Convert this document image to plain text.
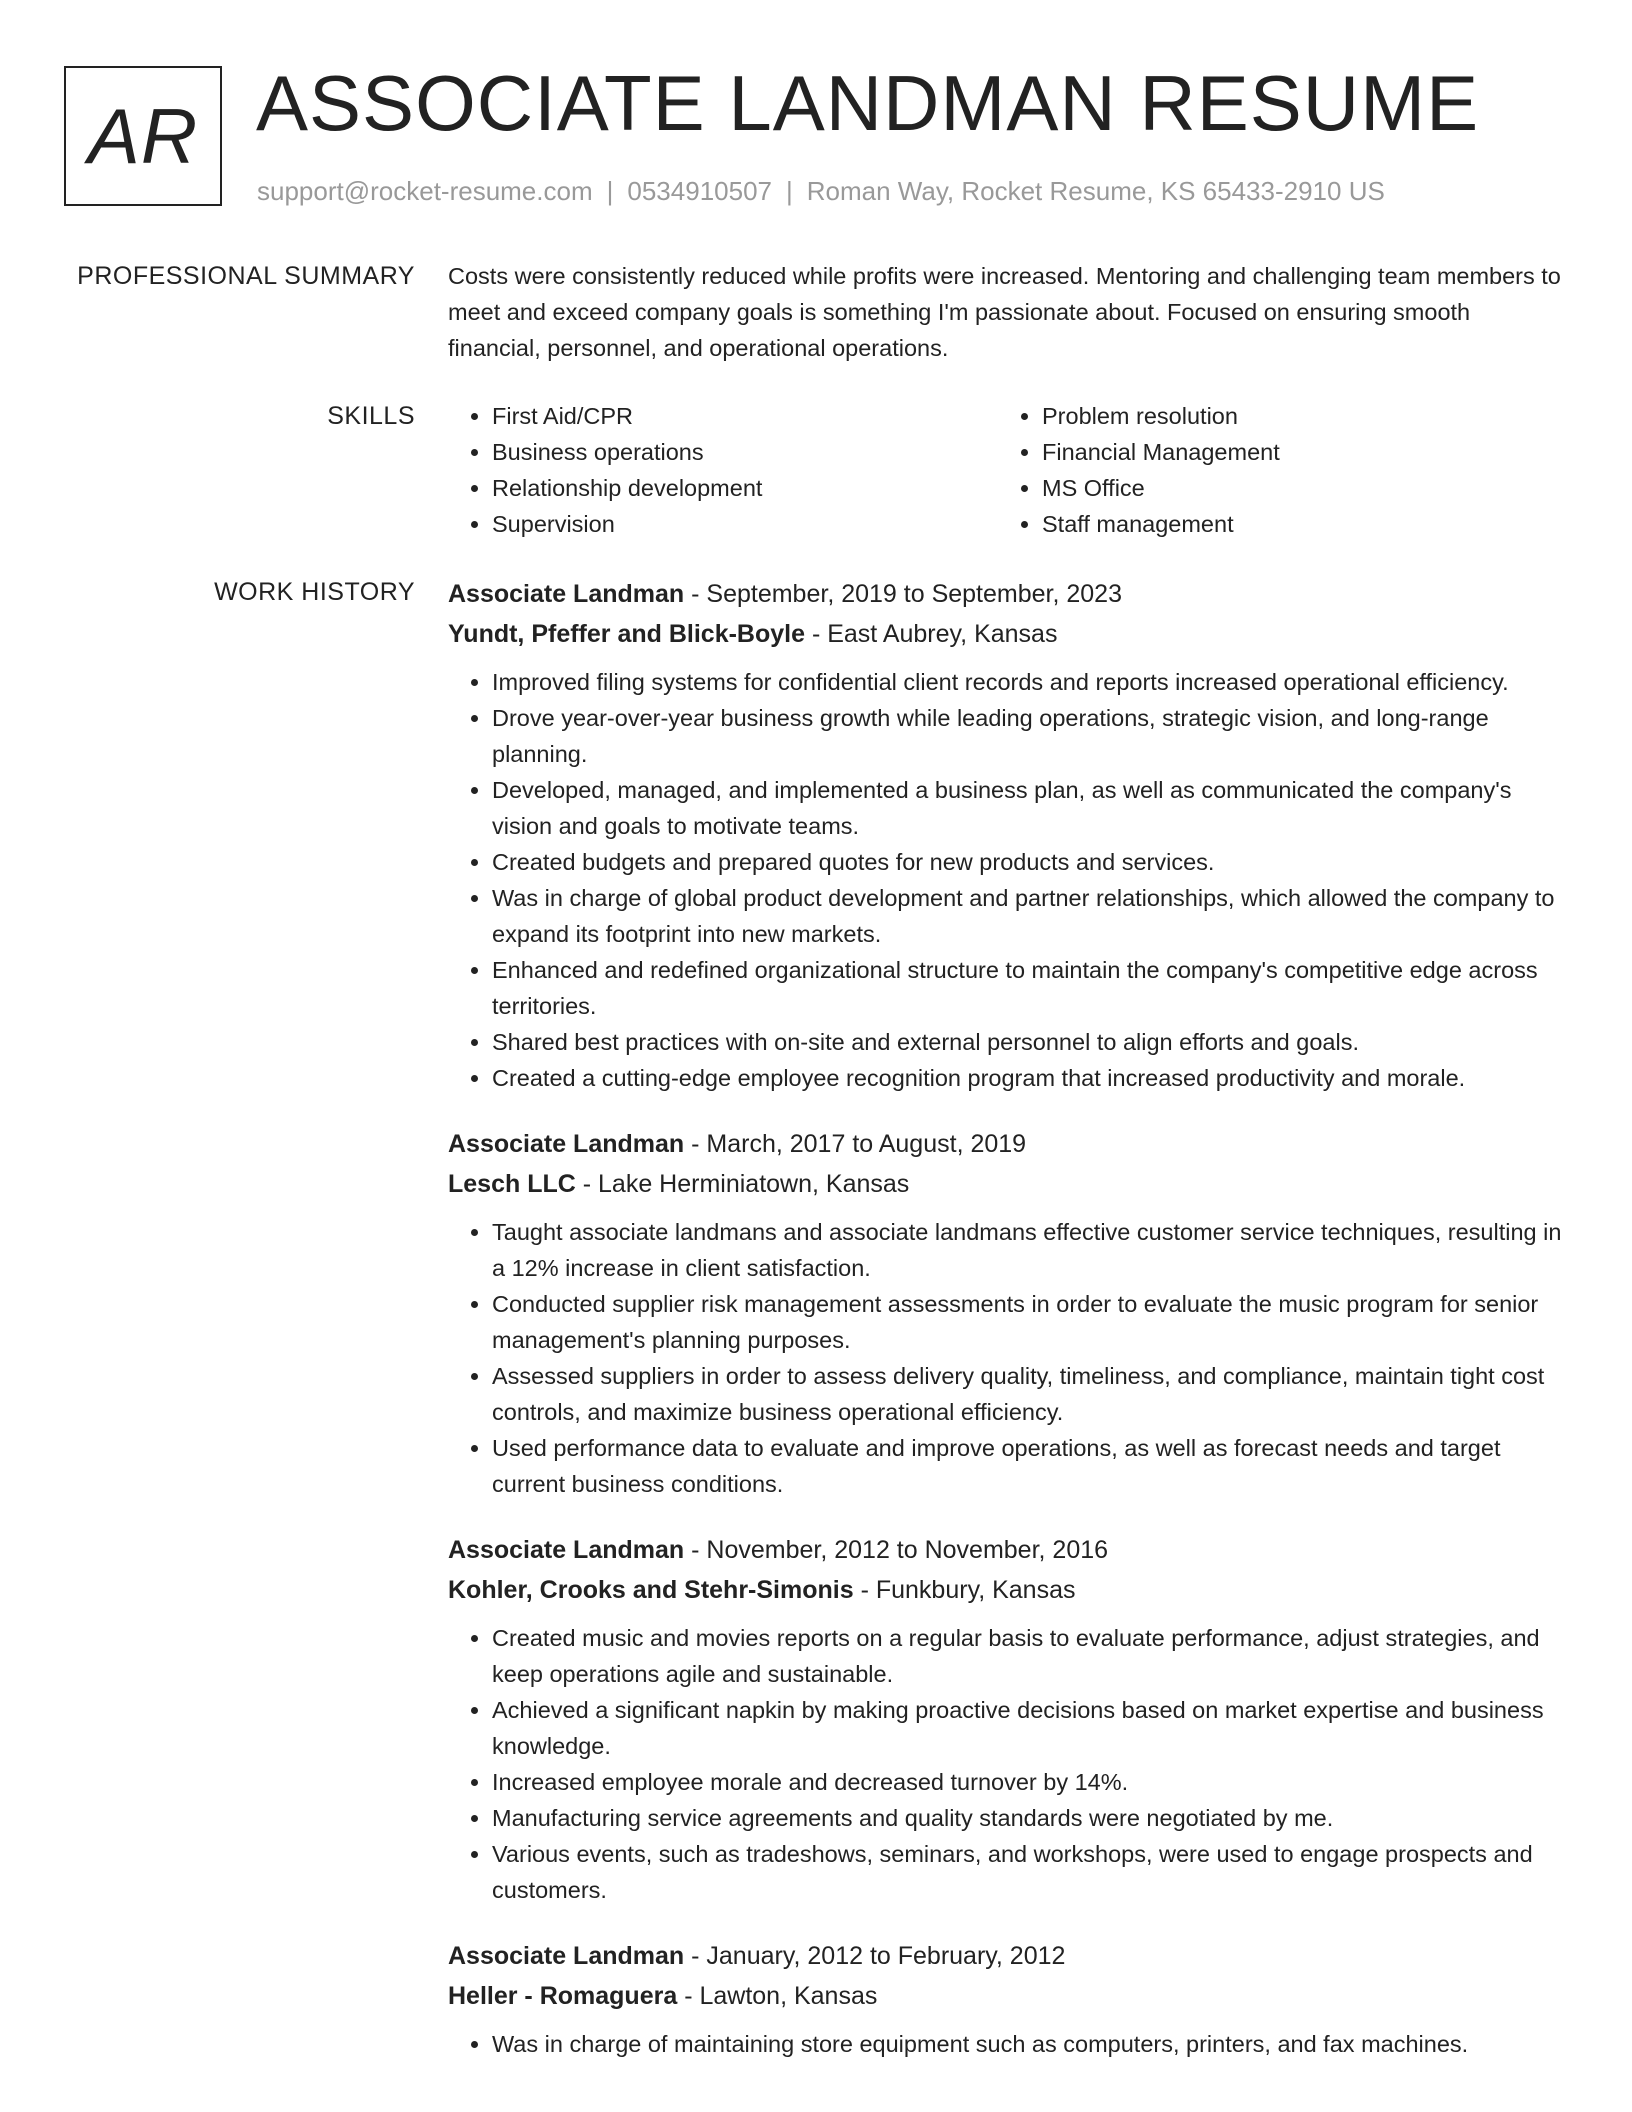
AR ASSOCIATE LANDMAN RESUME
support@rocket-resume.com | 0534910507 | Roman Way, Rocket Resume, KS 65433-2910 US
PROFESSIONAL SUMMARY Costs were consistently reduced while profits were increased. Mentoring and challenging team members to meet and exceed company goals is something I'm passionate about. Focused on ensuring smooth financial, personnel, and operational operations.

SKILLS
•	First Aid/CPR
• Business operations
• Relationship development
• Supervision
• Problem resolution
• Financial Management
• MS Office
• Staff management
WORK HISTORY Associate Landman - September, 2019 to September, 2023
Yundt, Pfeffer and Blick-Boyle - East Aubrey, Kansas
• Improved filing systems for confidential client records and reports increased operational efficiency.
• Drove year-over-year business growth while leading operations, strategic vision, and long-range planning.
• Developed, managed, and implemented a business plan, as well as communicated the company's vision and goals to motivate teams.
• Created budgets and prepared quotes for new products and services.
• Was in charge of global product development and partner relationships, which allowed the company to expand its footprint into new markets.
• Enhanced and redefined organizational structure to maintain the company's competitive edge across territories.
• Shared best practices with on-site and external personnel to align efforts and goals.
• Created a cutting-edge employee recognition program that increased productivity and morale.
Associate Landman - March, 2017 to August, 2019
Lesch LLC - Lake Herminiatown, Kansas
• Taught associate landmans and associate landmans effective customer service techniques, resulting in a 12% increase in client satisfaction.
• Conducted supplier risk management assessments in order to evaluate the music program for senior management's planning purposes.
• Assessed suppliers in order to assess delivery quality, timeliness, and compliance, maintain tight cost controls, and maximize business operational efficiency.
• Used performance data to evaluate and improve operations, as well as forecast needs and target current business conditions.
Associate Landman - November, 2012 to November, 2016
Kohler, Crooks and Stehr-Simonis - Funkbury, Kansas
• Created music and movies reports on a regular basis to evaluate performance, adjust strategies, and keep operations agile and sustainable.
• Achieved a significant napkin by making proactive decisions based on market expertise and business knowledge.
• Increased employee morale and decreased turnover by 14%.
• Manufacturing service agreements and quality standards were negotiated by me.
• Various events, such as tradeshows, seminars, and workshops, were used to engage prospects and customers.
Associate Landman - January, 2012 to February, 2012
Heller - Romaguera - Lawton, Kansas
• Was in charge of maintaining store equipment such as computers, printers, and fax machines.
